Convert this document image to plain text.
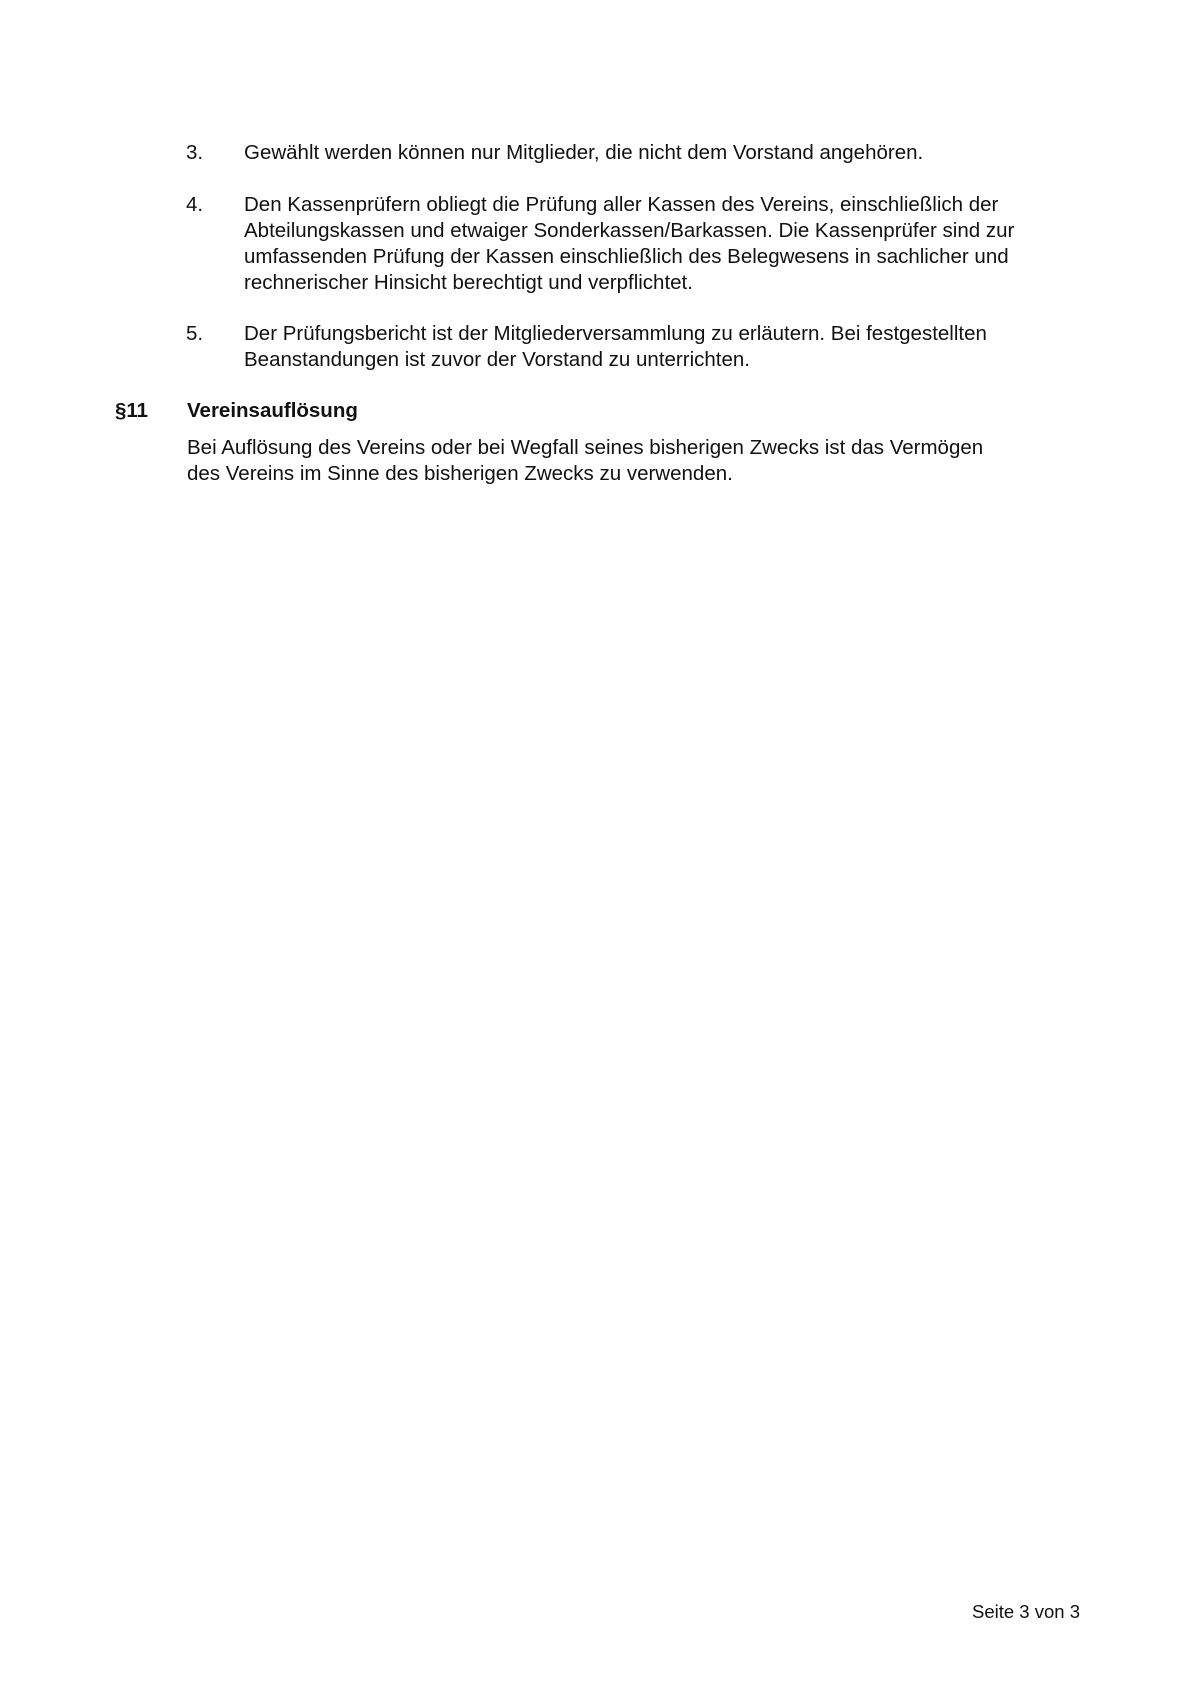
3. Gewählt werden können nur Mitglieder, die nicht dem Vorstand angehören.
4. Den Kassenprüfern obliegt die Prüfung aller Kassen des Vereins, einschließlich der
Abteilungskassen und etwaiger Sonderkassen/Barkassen. Die Kassenprüfer sind zur
umfassenden Prüfung der Kassen einschließlich des Belegwesens in sachlicher und
rechnerischer Hinsicht berechtigt und verpflichtet.
5. Der Prüfungsbericht ist der Mitgliederversammlung zu erläutern. Bei festgestellten
Beanstandungen ist zuvor der Vorstand zu unterrichten.
§11 Vereinsauflösung
Bei Auflösung des Vereins oder bei Wegfall seines bisherigen Zwecks ist das Vermögen
des Vereins im Sinne des bisherigen Zwecks zu verwenden.
Seite 3 von 3
